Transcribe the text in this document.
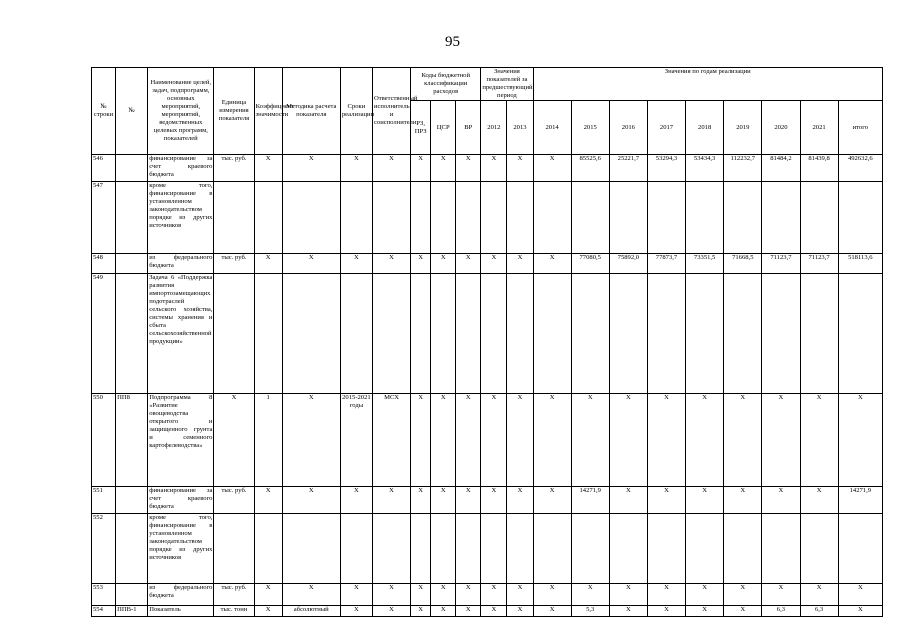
95
№ строки	№	Наименование целей, задач, подпрограмм, основных мероприятий, мероприятий, ведомственных целевых программ, показателей	Единица измерения показателя	Коэффициент значимости	Методика расчета показателя	Сроки реализации	Ответственный исполнитель и соисполнители	Коды бюджетной классификации расходов			Значения показателей за предшествующий период		Значения по годам реализации								
								РЗ, ПРЗ	ЦСР	ВР	2012	2013	2014	2015	2016	2017	2018	2019	2020	2021	итого
546		финансирование за счет краевого бюджета	тыс. руб.	X	X	X	X	X	X	X	X	X	X	85525,6	25221,7	53294,3	53434,3	112232,7	81484,2	81439,8	492632,6
547		кроме того, финансирование в установленном законодательством порядке из других источников																			
548		из федерального бюджета	тыс. руб.	X	X	X	X	X	X	X	X	X	X	77080,5	75892,0	77873,7	73351,5	71668,5	71123,7	71123,7	518113,6
549		Задача 6 «Поддержка развития импортозамещающих подотраслей сельского хозяйства, системы хранения и сбыта сельскохозяйственной продукции»																			
550	ПП8	Подпрограмма 8 «Развитие овощеводства открытого и защищенного грунта и семенного картофелеводства»	X	1	X	2015-2021 годы	МСХ	X	X	X	X	X	X	X	X	X	X	X	X	X	X
551		финансирование за счет краевого бюджета	тыс. руб.	X	X	X	X	X	X	X	X	X	X	14271,9	X	X	X	X	X	X	14271,9
552		кроме того, финансирование в установленном законодательством порядке из других источников																			
553		из федерального бюджета	тыс. руб.	X	X	X	X	X	X	X	X	X	X	X	X	X	X	X	X	X	X
554	ППВ-1	Показатель	тыс. тонн	X	абсолютный	X	X	X	X	X	X	X	X	5,3	X	X	X	X	6,3	6,3	X
